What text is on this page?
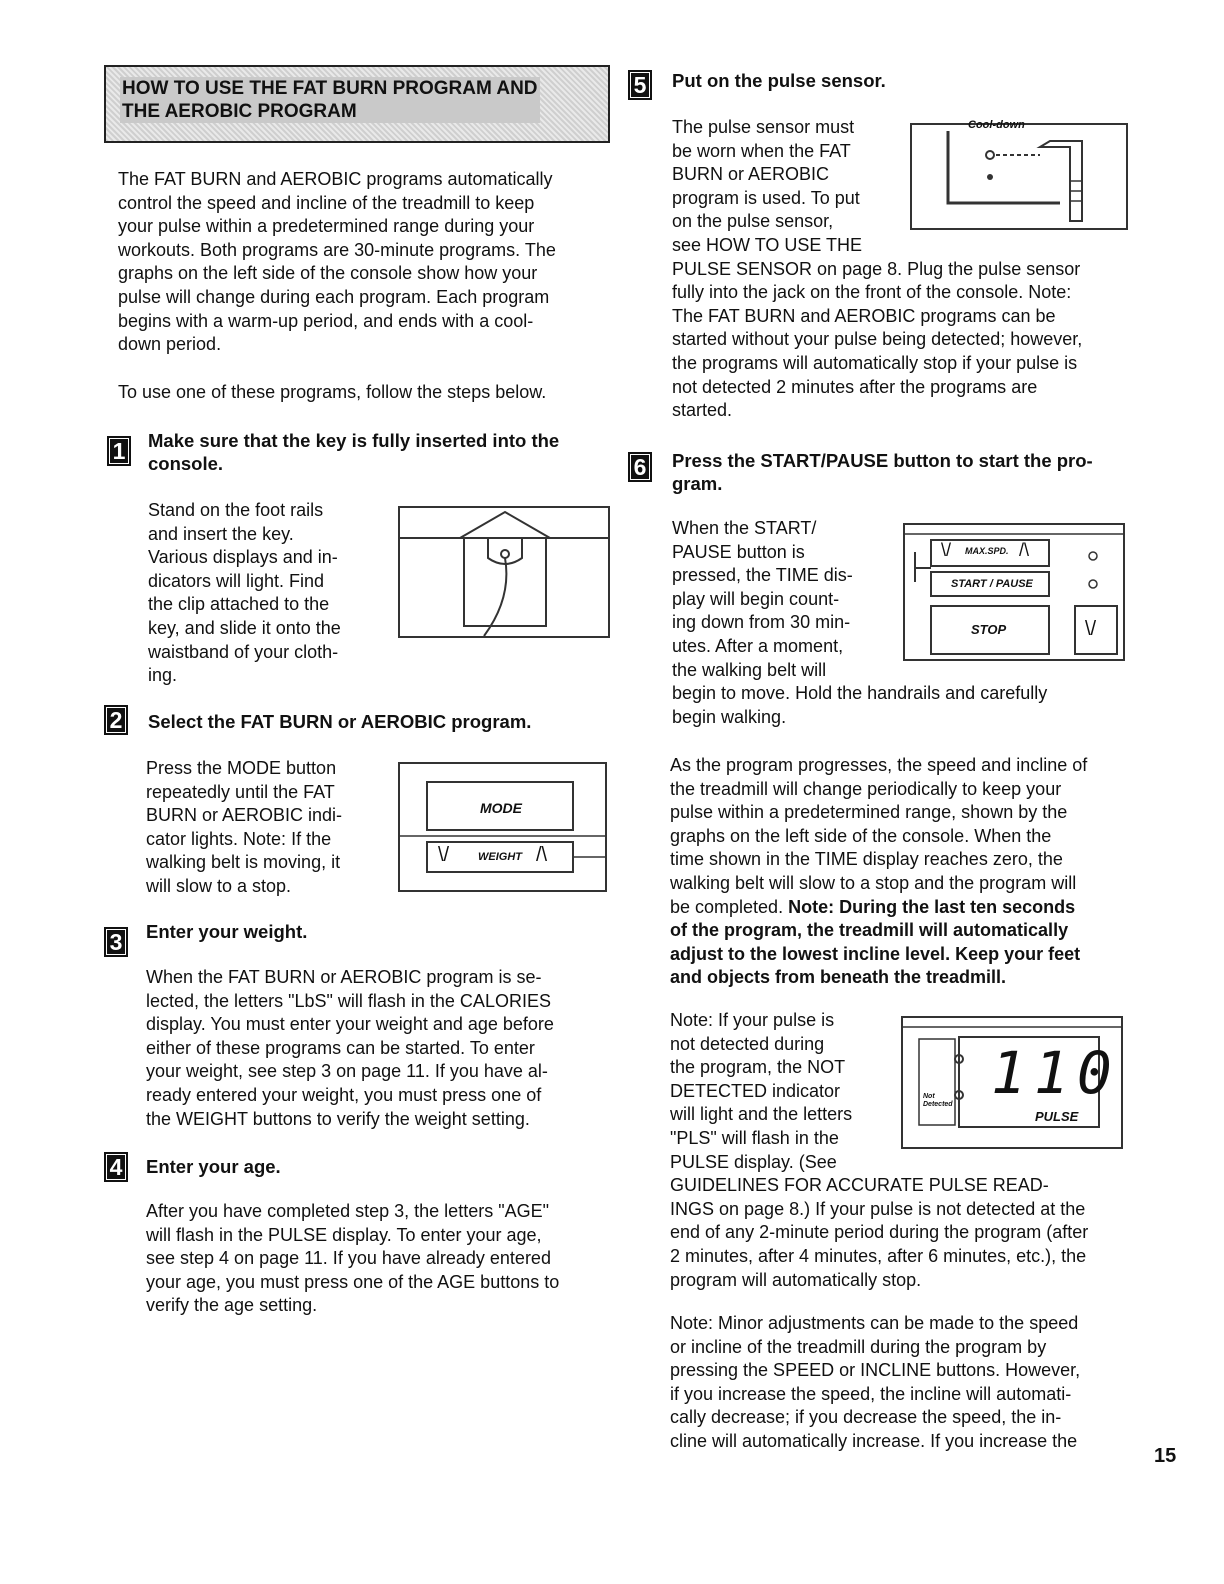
HOW TO USE THE FAT BURN PROGRAM AND
THE AEROBIC PROGRAM
The FAT BURN and AEROBIC programs automatically
control the speed and incline of the treadmill to keep
your pulse within a predetermined range during your
workouts. Both programs are 30-minute programs. The
graphs on the left side of the console show how your
pulse will change during each program. Each program
begins with a warm-up period, and ends with a cool-
down period.
To use one of these programs, follow the steps below.
1	Make sure that the key is fully inserted into the
console.
Stand on the foot rails
and insert the key.
Various displays and in-
dicators will light. Find
the clip attached to the
key, and slide it onto the
waistband of your cloth-
ing.
2	Select the FAT BURN or AEROBIC program.
Press the MODE button
repeatedly until the FAT
BURN or AEROBIC indi-
cator lights. Note: If the
walking belt is moving, it
will slow to a stop.
MODE
\/	WEIGHT /\
3	Enter your weight.
When the FAT BURN or AEROBIC program is se-
lected, the letters "LbS" will flash in the CALORIES
display. You must enter your weight and age before
either of these programs can be started. To enter
your weight, see step 3 on page 11. If you have al-
ready entered your weight, you must press one of
the WEIGHT buttons to verify the weight setting.
4	Enter your age.
After you have completed step 3, the letters "AGE"
will flash in the PULSE display. To enter your age,
see step 4 on page 11. If you have already entered
your age, you must press one of the AGE buttons to
verify the age setting.
5	Put on the pulse sensor.
The pulse sensor must
be worn when the FAT
BURN or AEROBIC
program is used. To put
on the pulse sensor,
see HOW TO USE THE
PULSE SENSOR on page 8. Plug the pulse sensor
fully into the jack on the front of the console. Note:
The FAT BURN and AEROBIC programs can be
started without your pulse being detected; however,
the programs will automatically stop if your pulse is
not detected 2 minutes after the programs are
started.
Cool-down
6	Press the START/PAUSE button to start the pro-
gram.
When the START/
PAUSE button is
pressed, the TIME dis-
play will begin count-
ing down from 30 min-
utes. After a moment,
the walking belt will
begin to move. Hold the handrails and carefully
begin walking.
\/ MAX.SPD. /\
START / PAUSE
STOP	\/
As the program progresses, the speed and incline of
the treadmill will change periodically to keep your
pulse within a predetermined range, shown by the
graphs on the left side of the console. When the
time shown in the TIME display reaches zero, the
walking belt will slow to a stop and the program will
be completed. Note: During the last ten seconds
of the program, the treadmill will automatically
adjust to the lowest incline level. Keep your feet
and objects from beneath the treadmill.
Note: If your pulse is
not detected during
the program, the NOT
DETECTED indicator
will light and the letters
"PLS" will flash in the
PULSE display. (See
GUIDELINES FOR ACCURATE PULSE READ-
INGS on page 8.) If your pulse is not detected at the
end of any 2-minute period during the program (after
2 minutes, after 4 minutes, after 6 minutes, etc.), the
program will automatically stop.
110
PULSE
Not Detected
Note: Minor adjustments can be made to the speed
or incline of the treadmill during the program by
pressing the SPEED or INCLINE buttons. However,
if you increase the speed, the incline will automati-
cally decrease; if you decrease the speed, the in-
cline will automatically increase. If you increase the
15
